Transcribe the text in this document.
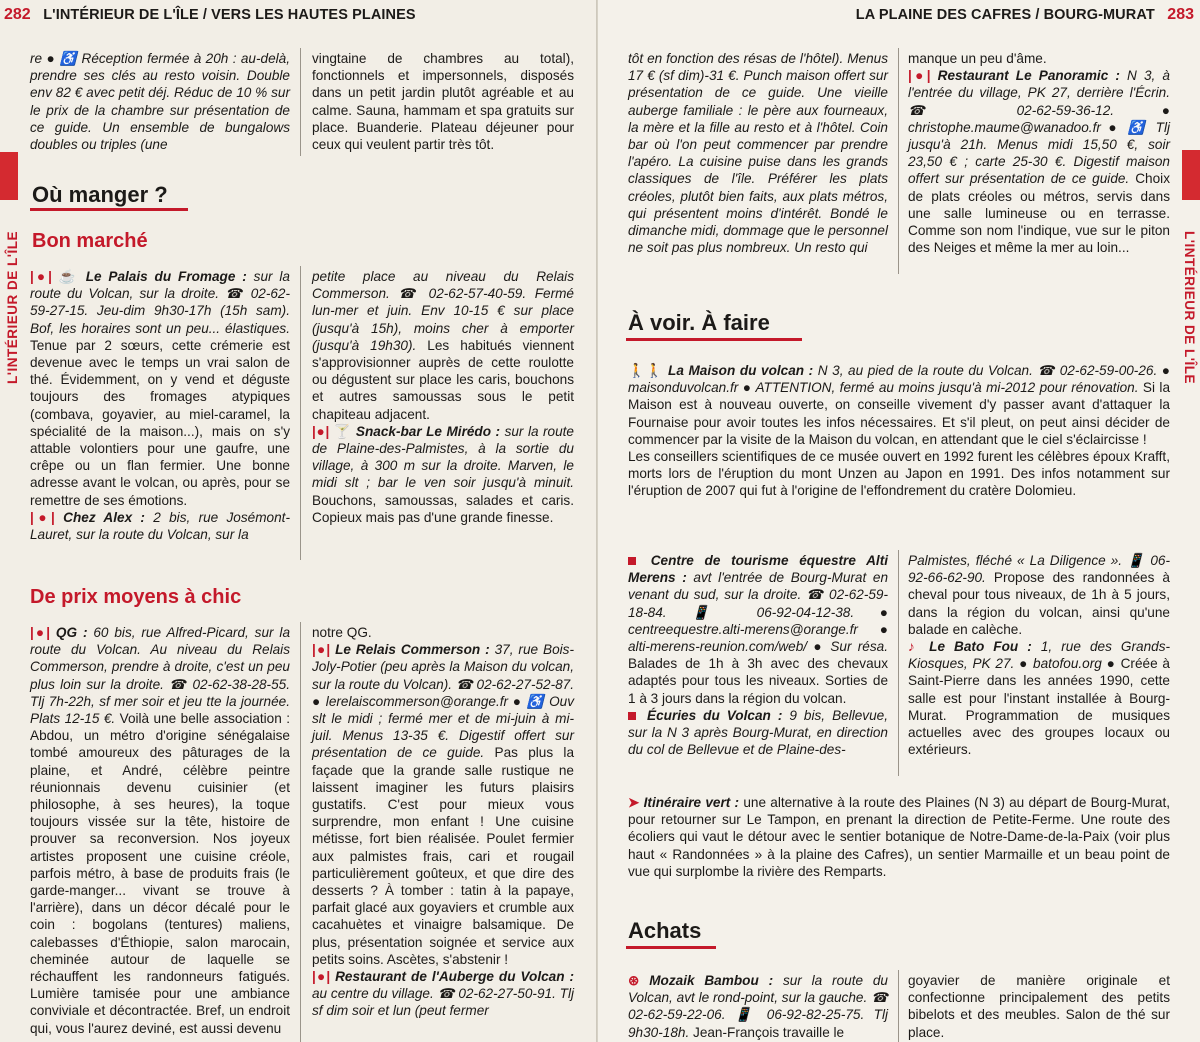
282 L'INTÉRIEUR DE L'ÎLE / VERS LES HAUTES PLAINES
L'INTÉRIEUR DE L'ÎLE

re ● ♿ Réception fermée à 20h : au-delà, prendre ses clés au resto voisin. Double env 82 € avec petit déj. Réduc de 10 % sur le prix de la chambre sur présentation de ce guide. Un ensemble de bungalows doubles ou triples (une

vingtaine de chambres au total), fonctionnels et impersonnels, disposés dans un petit jardin plutôt agréable et au calme. Sauna, hammam et spa gratuits sur place. Buanderie. Plateau déjeuner pour ceux qui veulent partir très tôt.

Où manger ?
Bon marché

|●| ☕ Le Palais du Fromage : sur la route du Volcan, sur la droite. ☎ 02-62-59-27-15. Jeu-dim 9h30-17h (15h sam). Bof, les horaires sont un peu... élastiques. Tenue par 2 sœurs, cette crémerie est devenue avec le temps un vrai salon de thé. Évidemment, on y vend et déguste toujours des fromages atypiques (combava, goyavier, au miel-caramel, la spécialité de la maison...), mais on s'y attable volontiers pour une gaufre, une crêpe ou un flan fermier. Une bonne adresse avant le volcan, ou après, pour se remettre de ses émotions.

|●| Chez Alex : 2 bis, rue Josémont-Lauret, sur la route du Volcan, sur la

petite place au niveau du Relais Commerson. ☎ 02-62-57-40-59. Fermé lun-mer et juin. Env 10-15 € sur place (jusqu'à 15h), moins cher à emporter (jusqu'à 19h30). Les habitués viennent s'approvisionner auprès de cette roulotte ou dégustent sur place les caris, bouchons et autres samoussas sous le petit chapiteau adjacent.

|●| 🍸 Snack-bar Le Mirédo : sur la route de Plaine-des-Palmistes, à la sortie du village, à 300 m sur la droite. Marven, le midi slt ; bar le ven soir jusqu'à minuit. Bouchons, samoussas, salades et caris. Copieux mais pas d'une grande finesse.

De prix moyens à chic

|●| QG : 60 bis, rue Alfred-Picard, sur la route du Volcan. Au niveau du Relais Commerson, prendre à droite, c'est un peu plus loin sur la droite. ☎ 02-62-38-28-55. Tlj 7h-22h, sf mer soir et jeu tte la journée. Plats 12-15 €. Voilà une belle association : Abdou, un métro d'origine sénégalaise tombé amoureux des pâturages de la plaine, et André, célèbre peintre réunionnais devenu cuisinier (et philosophe, à ses heures), la toque toujours vissée sur la tête, histoire de prouver sa reconversion. Nos joyeux artistes proposent une cuisine créole, parfois métro, à base de produits frais (le garde-manger... vivant se trouve à l'arrière), dans un décor décalé pour le coin : bogolans (tentures) maliens, calebasses d'Éthiopie, salon marocain, cheminée autour de laquelle se réchauffent les randonneurs fatigués. Lumière tamisée pour une ambiance conviviale et décontractée. Bref, un endroit qui, vous l'aurez deviné, est aussi devenu

notre QG.

|●| Le Relais Commerson : 37, rue Bois-Joly-Potier (peu après la Maison du volcan, sur la route du Volcan). ☎ 02-62-27-52-87. ● lerelaiscommerson@orange.fr ● ♿ Ouv slt le midi ; fermé mer et de mi-juin à mi-juil. Menus 13-35 €. Digestif offert sur présentation de ce guide. Pas plus la façade que la grande salle rustique ne laissent imaginer les futurs plaisirs gustatifs. C'est pour mieux vous surprendre, mon enfant ! Une cuisine métisse, fort bien réalisée. Poulet fermier aux palmistes frais, cari et rougail particulièrement goûteux, et que dire des desserts ? À tomber : tatin à la papaye, parfait glacé aux goyaviers et crumble aux cacahuètes et vinaigre balsamique. De plus, présentation soignée et service aux petits soins. Ascètes, s'abstenir !

|●| Restaurant de l'Auberge du Volcan : au centre du village. ☎ 02-62-27-50-91. Tlj sf dim soir et lun (peut fermer

LA PLAINE DES CAFRES / BOURG-MURAT 283
L'INTÉRIEUR DE L'ÎLE

tôt en fonction des résas de l'hôtel). Menus 17 € (sf dim)-31 €. Punch maison offert sur présentation de ce guide. Une vieille auberge familiale : le père aux fourneaux, la mère et la fille au resto et à l'hôtel. Coin bar où l'on peut commencer par prendre l'apéro. La cuisine puise dans les grands classiques de l'île. Préférer les plats créoles, plutôt bien faits, aux plats métros, qui présentent moins d'intérêt. Bondé le dimanche midi, dommage que le personnel ne soit pas plus nombreux. Un resto qui

manque un peu d'âme.

|●| Restaurant Le Panoramic : N 3, à l'entrée du village, PK 27, derrière l'Écrin. ☎ 02-62-59-36-12. ● christophe.maume@wanadoo.fr ● ♿ Tlj jusqu'à 21h. Menus midi 15,50 €, soir 23,50 € ; carte 25-30 €. Digestif maison offert sur présentation de ce guide. Choix de plats créoles ou métros, servis dans une salle lumineuse ou en terrasse. Comme son nom l'indique, vue sur le piton des Neiges et même la mer au loin...

À voir. À faire

🚶🚶 La Maison du volcan : N 3, au pied de la route du Volcan. ☎ 02-62-59-00-26. ● maisonduvolcan.fr ● ATTENTION, fermé au moins jusqu'à mi-2012 pour rénovation. Si la Maison est à nouveau ouverte, on conseille vivement d'y passer avant d'attaquer la Fournaise pour avoir toutes les infos nécessaires. Et s'il pleut, on peut ainsi décider de commencer par la visite de la Maison du volcan, en attendant que le ciel s'éclaircisse !

Les conseillers scientifiques de ce musée ouvert en 1992 furent les célèbres époux Krafft, morts lors de l'éruption du mont Unzen au Japon en 1991. Des infos notamment sur l'éruption de 2007 qui fut à l'origine de l'effondrement du cratère Dolomieu.

Centre de tourisme équestre Alti Merens : avt l'entrée de Bourg-Murat en venant du sud, sur la droite. ☎ 02-62-59-18-84. 📱 06-92-04-12-38. ● centreequestre.alti-merens@orange.fr ● alti-merens-reunion.com/web/ ● Sur résa. Balades de 1h à 3h avec des chevaux adaptés pour tous les niveaux. Sorties de 1 à 3 jours dans la région du volcan.

Écuries du Volcan : 9 bis, Bellevue, sur la N 3 après Bourg-Murat, en direction du col de Bellevue et de Plaine-des-

Palmistes, fléché « La Diligence ». 📱 06-92-66-62-90. Propose des randonnées à cheval pour tous niveaux, de 1h à 5 jours, dans la région du volcan, ainsi qu'une balade en calèche.

♪ Le Bato Fou : 1, rue des Grands-Kiosques, PK 27. ● batofou.org ● Créée à Saint-Pierre dans les années 1990, cette salle est pour l'instant installée à Bourg-Murat. Programmation de musiques actuelles avec des groupes locaux ou extérieurs.

➤ Itinéraire vert : une alternative à la route des Plaines (N 3) au départ de Bourg-Murat, pour retourner sur Le Tampon, en prenant la direction de Petite-Ferme. Une route des écoliers qui vaut le détour avec le sentier botanique de Notre-Dame-de-la-Paix (voir plus haut « Randonnées » à la plaine des Cafres), un sentier Marmaille et un beau point de vue qui surplombe la rivière des Remparts.

Achats

⊛ Mozaik Bambou : sur la route du Volcan, avt le rond-point, sur la gauche. ☎ 02-62-59-22-06. 📱 06-92-82-25-75. Tlj 9h30-18h. Jean-François travaille le

goyavier de manière originale et confectionne principalement des petits bibelots et des meubles. Salon de thé sur place.
